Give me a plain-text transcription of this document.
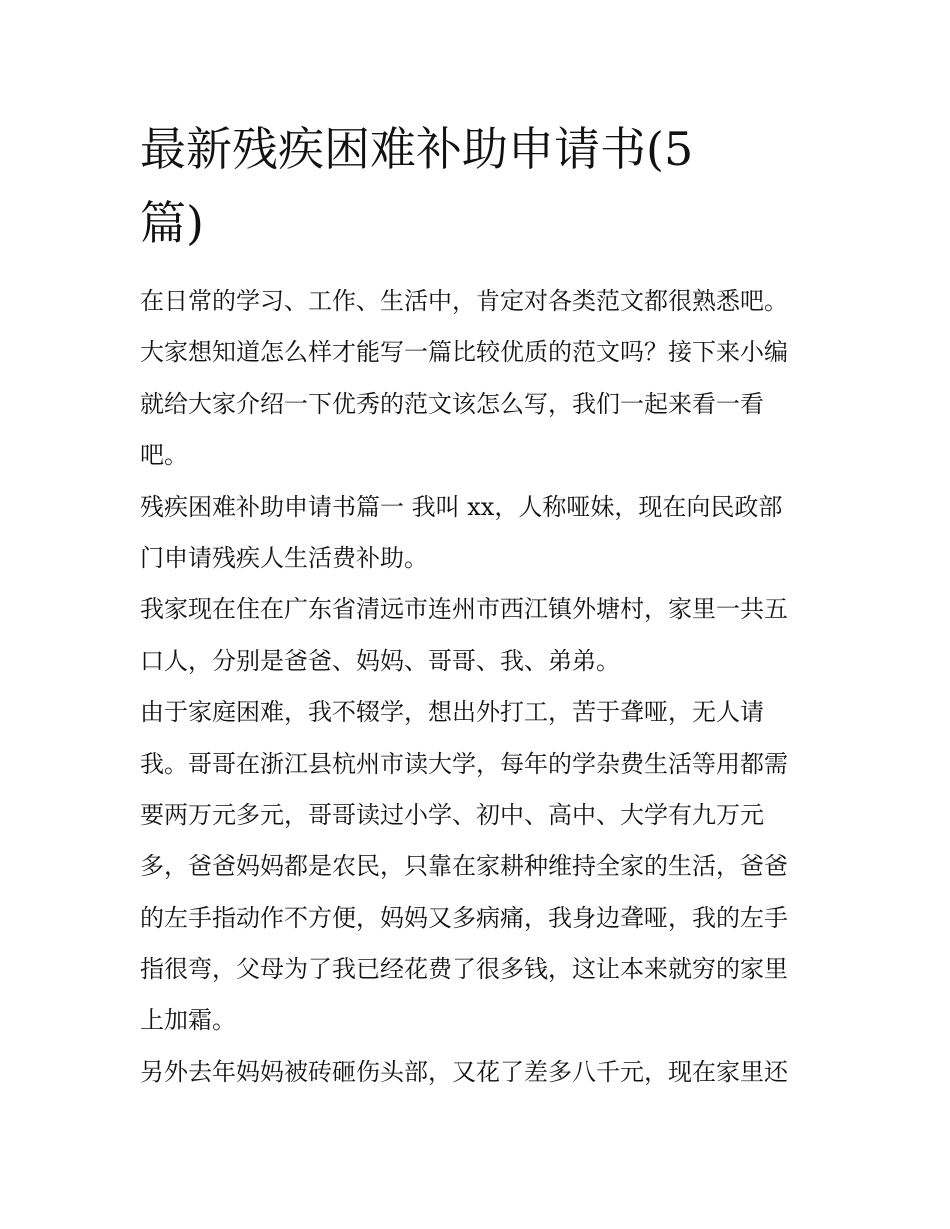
最新残疾困难补助申请书(5
篇)
在日常的学习、工作、生活中，肯定对各类范文都很熟悉吧。
大家想知道怎么样才能写一篇比较优质的范文吗？接下来小编
就给大家介绍一下优秀的范文该怎么写，我们一起来看一看
吧。
残疾困难补助申请书篇一 我叫 xx，人称哑妹，现在向民政部
门申请残疾人生活费补助。
我家现在住在广东省清远市连州市西江镇外塘村，家里一共五
口人，分别是爸爸、妈妈、哥哥、我、弟弟。
由于家庭困难，我不辍学，想出外打工，苦于聋哑，无人请
我。哥哥在浙江县杭州市读大学，每年的学杂费生活等用都需
要两万元多元，哥哥读过小学、初中、高中、大学有九万元
多，爸爸妈妈都是农民，只靠在家耕种维持全家的生活，爸爸
的左手指动作不方便，妈妈又多病痛，我身边聋哑，我的左手
指很弯，父母为了我已经花费了很多钱，这让本来就穷的家里
上加霜。
另外去年妈妈被砖砸伤头部，又花了差多八千元，现在家里还
